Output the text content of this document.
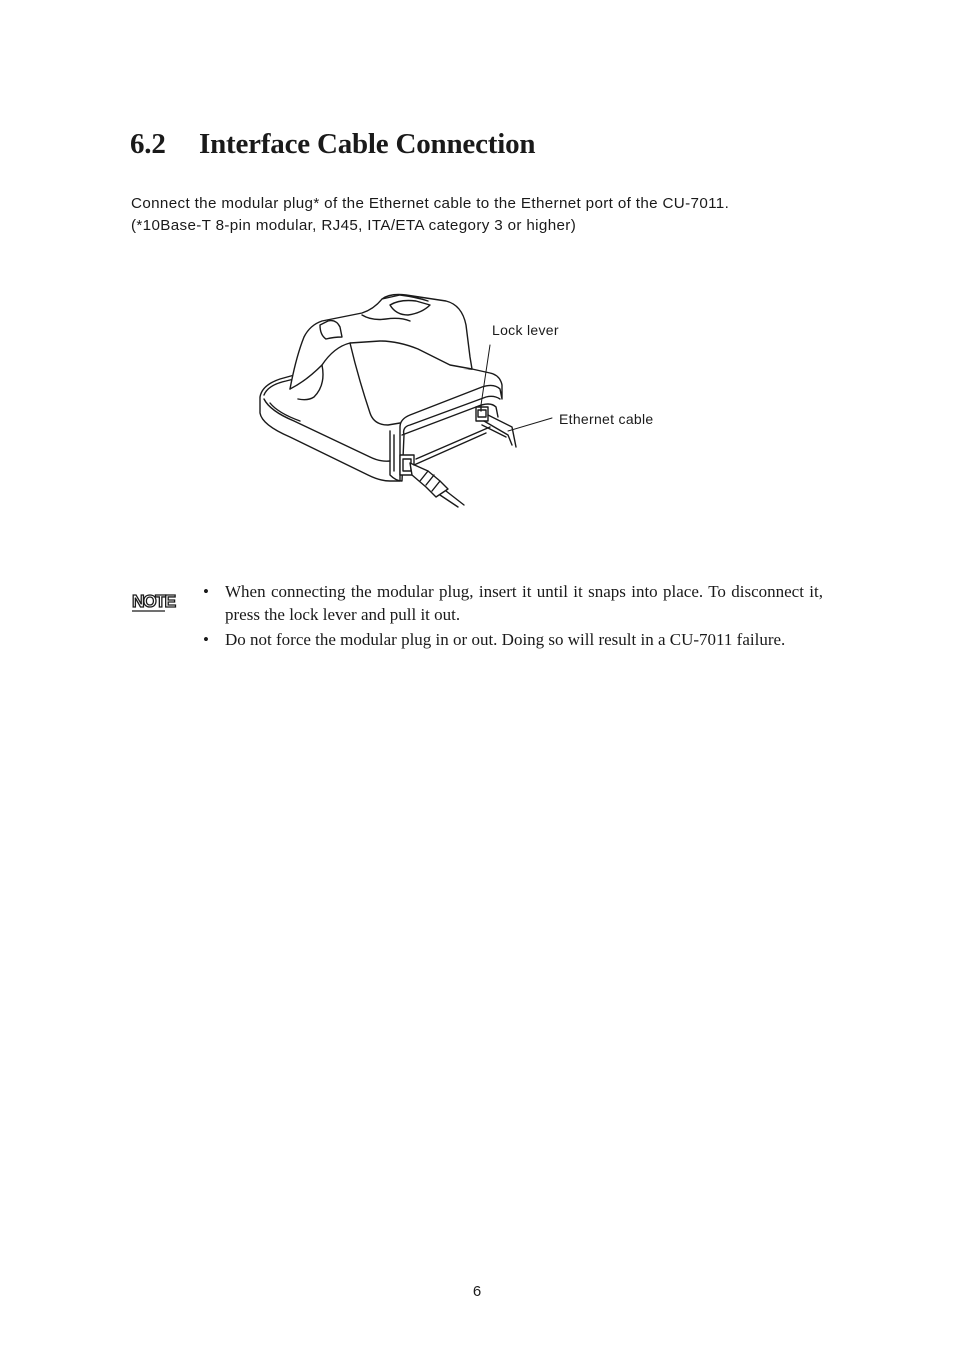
6.2 Interface Cable Connection

Connect the modular plug* of the Ethernet cable to the Ethernet port of the CU-7011.

(*10Base-T 8-pin modular, RJ45, ITA/ETA category 3 or higher)

Lock lever
Ethernet cable
NOTE • When connecting the modular plug, insert it until it snaps into place. To disconnect it, press the lock lever and pull it out.
• Do not force the modular plug in or out. Doing so will result in a CU-7011 failure.
6
